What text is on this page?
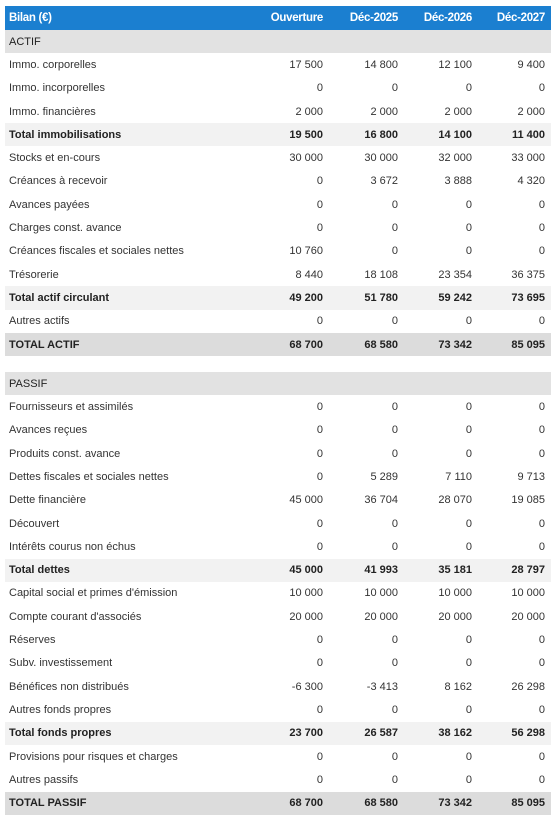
Bilan (€)	Ouverture	Déc-2025	Déc-2026	Déc-2027
ACTIF				
Immo. corporelles	17 500	14 800	12 100	9 400
Immo. incorporelles	0	0	0	0
Immo. financières	2 000	2 000	2 000	2 000
Total immobilisations	19 500	16 800	14 100	11 400
Stocks et en-cours	30 000	30 000	32 000	33 000
Créances à recevoir	0	3 672	3 888	4 320
Avances payées	0	0	0	0
Charges const. avance	0	0	0	0
Créances fiscales et sociales nettes	10 760	0	0	0
Trésorerie	8 440	18 108	23 354	36 375
Total actif circulant	49 200	51 780	59 242	73 695
Autres actifs	0	0	0	0
TOTAL ACTIF	68 700	68 580	73 342	85 095

PASSIF				
Fournisseurs et assimilés	0	0	0	0
Avances reçues	0	0	0	0
Produits const. avance	0	0	0	0
Dettes fiscales et sociales nettes	0	5 289	7 110	9 713
Dette financière	45 000	36 704	28 070	19 085
Découvert	0	0	0	0
Intérêts courus non échus	0	0	0	0
Total dettes	45 000	41 993	35 181	28 797
Capital social et primes d'émission	10 000	10 000	10 000	10 000
Compte courant d'associés	20 000	20 000	20 000	20 000
Réserves	0	0	0	0
Subv. investissement	0	0	0	0
Bénéfices non distribués	-6 300	-3 413	8 162	26 298
Autres fonds propres	0	0	0	0
Total fonds propres	23 700	26 587	38 162	56 298
Provisions pour risques et charges	0	0	0	0
Autres passifs	0	0	0	0
TOTAL PASSIF	68 700	68 580	73 342	85 095
